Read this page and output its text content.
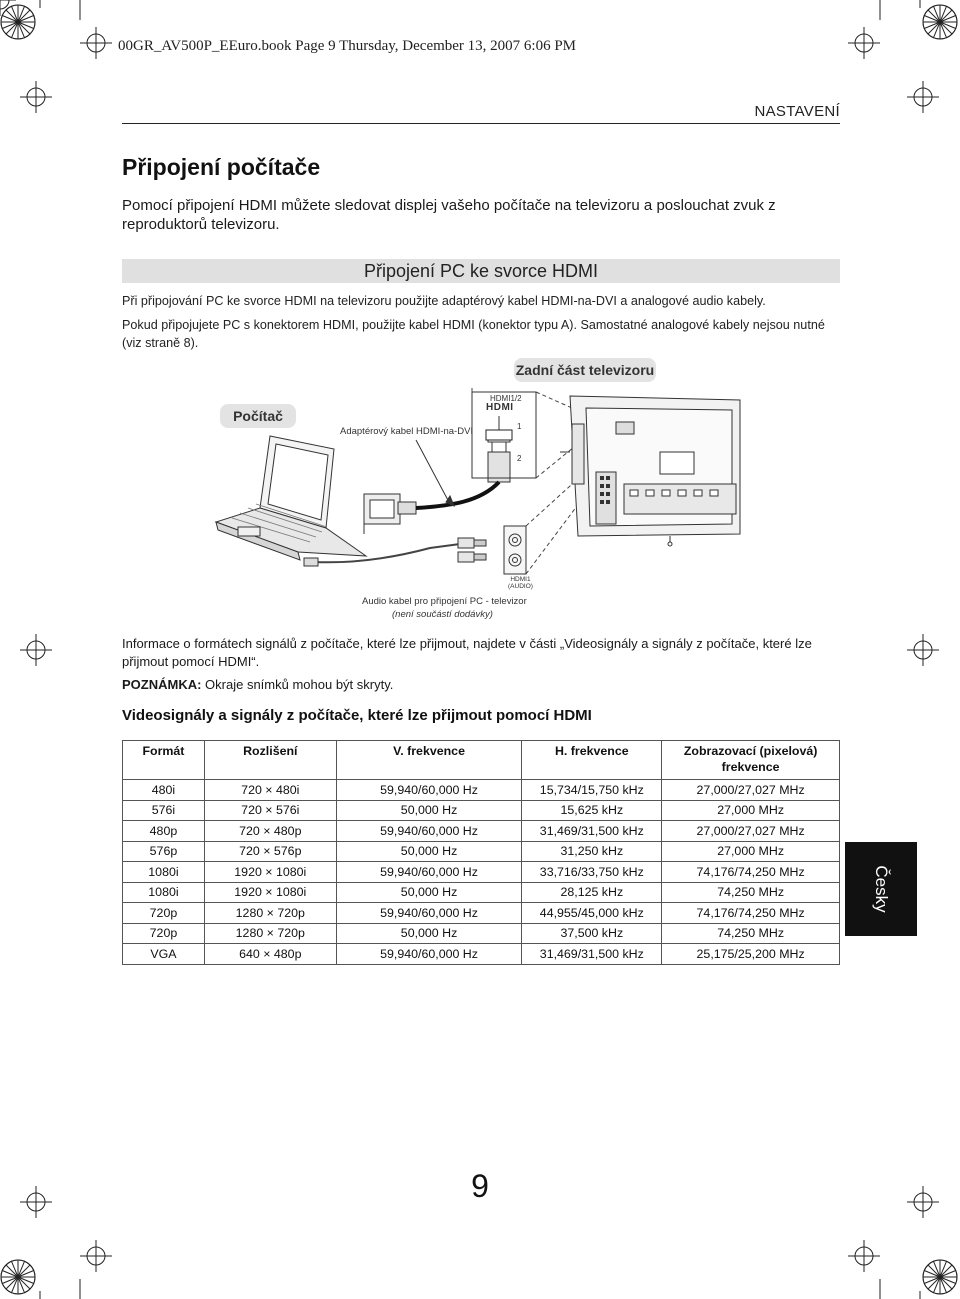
00GR_AV500P_EEuro.book Page 9 Thursday, December 13, 2007 6:06 PM
NASTAVENÍ
Připojení počítače
Pomocí připojení HDMI můžete sledovat displej vašeho počítače na televizoru a poslouchat zvuk z reproduktorů televizoru.
Připojení PC ke svorce HDMI
Při připojování PC ke svorce HDMI na televizoru použijte adaptérový kabel HDMI-na-DVI a analogové audio kabely.
Pokud připojujete PC s konektorem HDMI, použijte kabel HDMI (konektor typu A). Samostatné analogové kabely nejsou nutné (viz straně 8).
Zadní část televizoru
Počítač
Adaptérový kabel HDMI-na-DVI
HDMI1/2
HDMI
1
2
HDMI1
(AUDIO)
Audio kabel pro připojení PC - televizor
(není součástí dodávky)
Informace o formátech signálů z počítače, které lze přijmout, najdete v části „Videosignály a signály z počítače, které lze přijmout pomocí HDMI“.
POZNÁMKA: Okraje snímků mohou být skryty.
Videosignály a signály z počítače, které lze přijmout pomocí HDMI
Formát	Rozlišení	V. frekvence	H. frekvence	Zobrazovací (pixelová) frekvence
480i	720 × 480i	59,940/60,000 Hz	15,734/15,750 kHz	27,000/27,027 MHz
576i	720 × 576i	50,000 Hz	15,625 kHz	27,000 MHz
480p	720 × 480p	59,940/60,000 Hz	31,469/31,500 kHz	27,000/27,027 MHz
576p	720 × 576p	50,000 Hz	31,250 kHz	27,000 MHz
1080i	1920 × 1080i	59,940/60,000 Hz	33,716/33,750 kHz	74,176/74,250 MHz
1080i	1920 × 1080i	50,000 Hz	28,125 kHz	74,250 MHz
720p	1280 × 720p	59,940/60,000 Hz	44,955/45,000 kHz	74,176/74,250 MHz
720p	1280 × 720p	50,000 Hz	37,500 kHz	74,250 MHz
VGA	640 × 480p	59,940/60,000 Hz	31,469/31,500 kHz	25,175/25,200 MHz
Česky
9
